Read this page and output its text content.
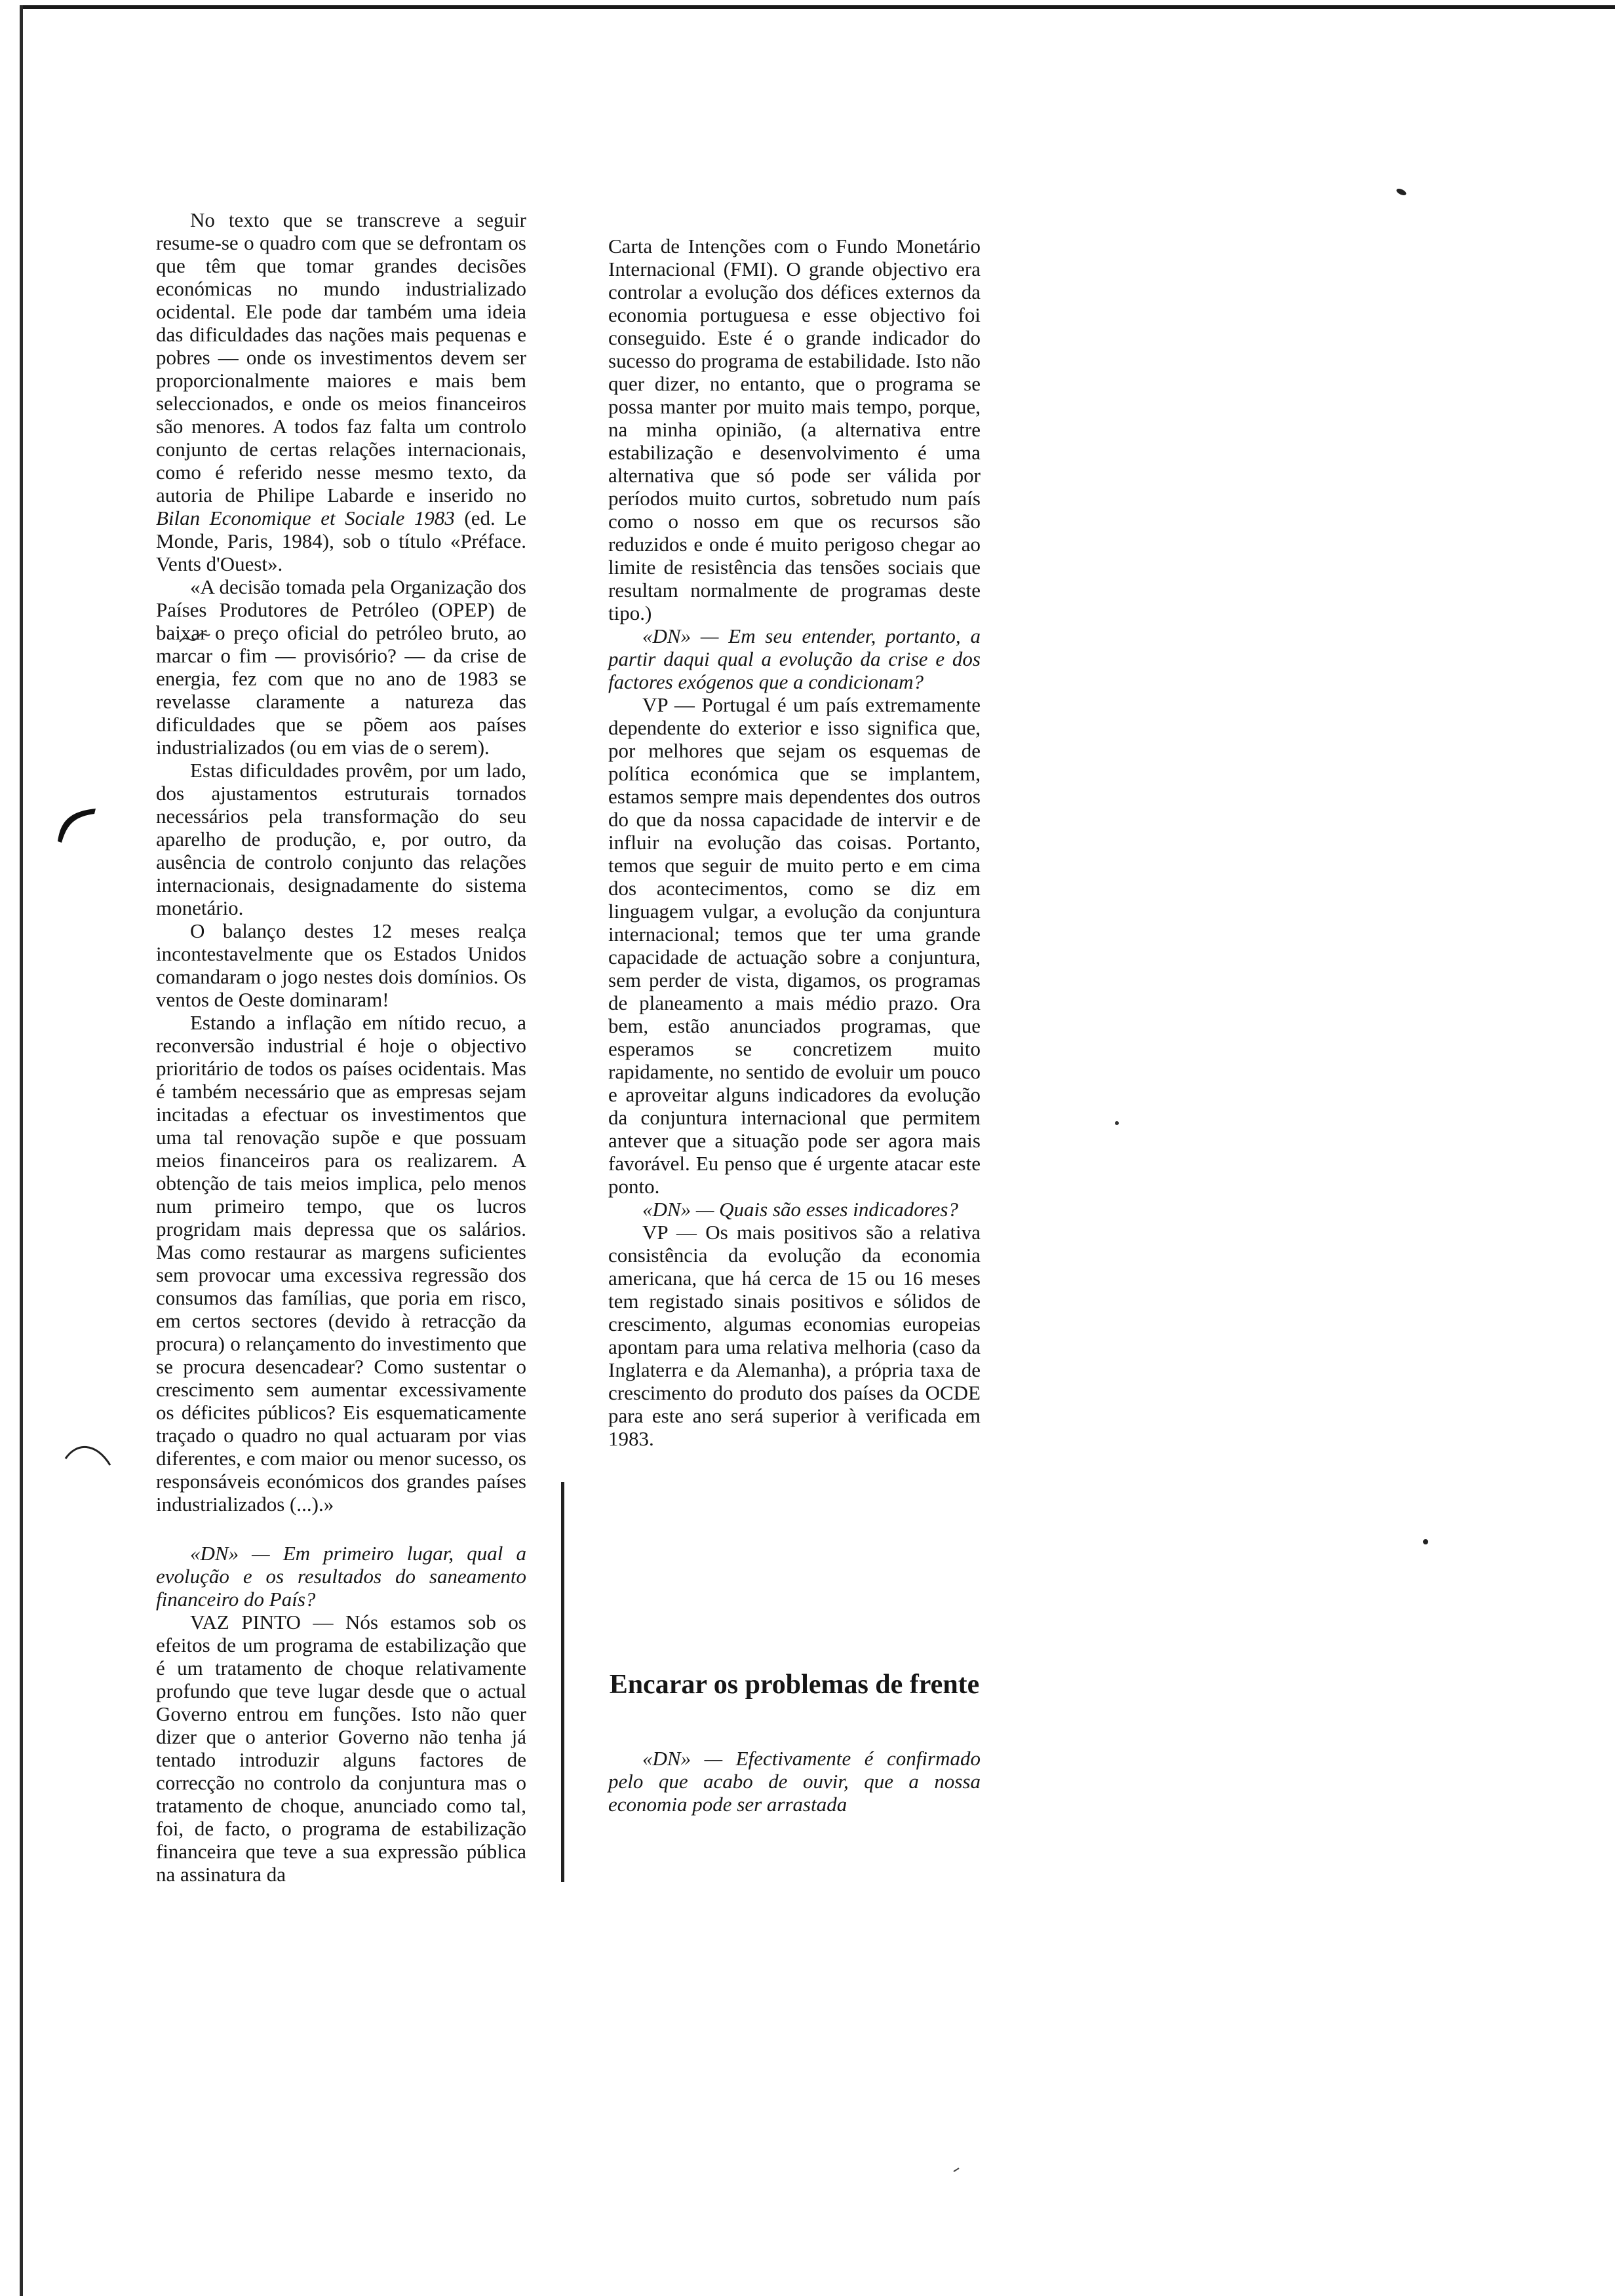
No texto que se transcreve a seguir resume-se o quadro com que se defrontam os que têm que tomar grandes decisões económicas no mundo industrializado ocidental. Ele pode dar também uma ideia das dificuldades das nações mais pequenas e pobres — onde os investimentos devem ser proporcionalmente maiores e mais bem seleccionados, e onde os meios financeiros são menores. A todos faz falta um controlo conjunto de certas relações internacionais, como é referido nesse mesmo texto, da autoria de Philipe Labarde e inserido no Bilan Economique et Sociale 1983 (ed. Le Monde, Paris, 1984), sob o título «Préface. Vents d'Ouest».

«A decisão tomada pela Organização dos Países Produtores de Petróleo (OPEP) de baixar o preço oficial do petróleo bruto, ao marcar o fim — provisório? — da crise de energia, fez com que no ano de 1983 se revelasse claramente a natureza das dificuldades que se põem aos países industrializados (ou em vias de o serem).

Estas dificuldades provêm, por um lado, dos ajustamentos estruturais tornados necessários pela transformação do seu aparelho de produção, e, por outro, da ausência de controlo conjunto das relações internacionais, designadamente do sistema monetário.

O balanço destes 12 meses realça incontestavelmente que os Estados Unidos comandaram o jogo nestes dois domínios. Os ventos de Oeste dominaram!

Estando a inflação em nítido recuo, a reconversão industrial é hoje o objectivo prioritário de todos os países ocidentais. Mas é também necessário que as empresas sejam incitadas a efectuar os investimentos que uma tal renovação supõe e que possuam meios financeiros para os realizarem. A obtenção de tais meios implica, pelo menos num primeiro tempo, que os lucros progridam mais depressa que os salários. Mas como restaurar as margens suficientes sem provocar uma excessiva regressão dos consumos das famílias, que poria em risco, em certos sectores (devido à retracção da procura) o relançamento do investimento que se procura desencadear? Como sustentar o crescimento sem aumentar excessivamente os déficites públicos? Eis esquematicamente traçado o quadro no qual actuaram por vias diferentes, e com maior ou menor sucesso, os responsáveis económicos dos grandes países industrializados (...).»

«DN» — Em primeiro lugar, qual a evolução e os resultados do saneamento financeiro do País?

VAZ PINTO — Nós estamos sob os efeitos de um programa de estabilização que é um tratamento de choque relativamente profundo que teve lugar desde que o actual Governo entrou em funções. Isto não quer dizer que o anterior Governo não tenha já tentado introduzir alguns factores de correcção no controlo da conjuntura mas o tratamento de choque, anunciado como tal, foi, de facto, o programa de estabilização financeira que teve a sua expressão pública na assinatura da

Carta de Intenções com o Fundo Monetário Internacional (FMI). O grande objectivo era controlar a evolução dos défices externos da economia portuguesa e esse objectivo foi conseguido. Este é o grande indicador do sucesso do programa de estabilidade. Isto não quer dizer, no entanto, que o programa se possa manter por muito mais tempo, porque, na minha opinião, (a alternativa entre estabilização e desenvolvimento é uma alternativa que só pode ser válida por períodos muito curtos, sobretudo num país como o nosso em que os recursos são reduzidos e onde é muito perigoso chegar ao limite de resistência das tensões sociais que resultam normalmente de programas deste tipo.)

«DN» — Em seu entender, portanto, a partir daqui qual a evolução da crise e dos factores exógenos que a condicionam?

VP — Portugal é um país extremamente dependente do exterior e isso significa que, por melhores que sejam os esquemas de política económica que se implantem, estamos sempre mais dependentes dos outros do que da nossa capacidade de intervir e de influir na evolução das coisas. Portanto, temos que seguir de muito perto e em cima dos acontecimentos, como se diz em linguagem vulgar, a evolução da conjuntura internacional; temos que ter uma grande capacidade de actuação sobre a conjuntura, sem perder de vista, digamos, os programas de planeamento a mais médio prazo. Ora bem, estão anunciados programas, que esperamos se concretizem muito rapidamente, no sentido de evoluir um pouco e aproveitar alguns indicadores da evolução da conjuntura internacional que permitem antever que a situação pode ser agora mais favorável. Eu penso que é urgente atacar este ponto.

«DN» — Quais são esses indicadores?

VP — Os mais positivos são a relativa consistência da evolução da economia americana, que há cerca de 15 ou 16 meses tem registado sinais positivos e sólidos de crescimento, algumas economias europeias apontam para uma relativa melhoria (caso da Inglaterra e da Alemanha), a própria taxa de crescimento do produto dos países da OCDE para este ano será superior à verificada em 1983.

Encarar os problemas de frente

«DN» — Efectivamente é confirmado pelo que acabo de ouvir, que a nossa economia pode ser arrastada
